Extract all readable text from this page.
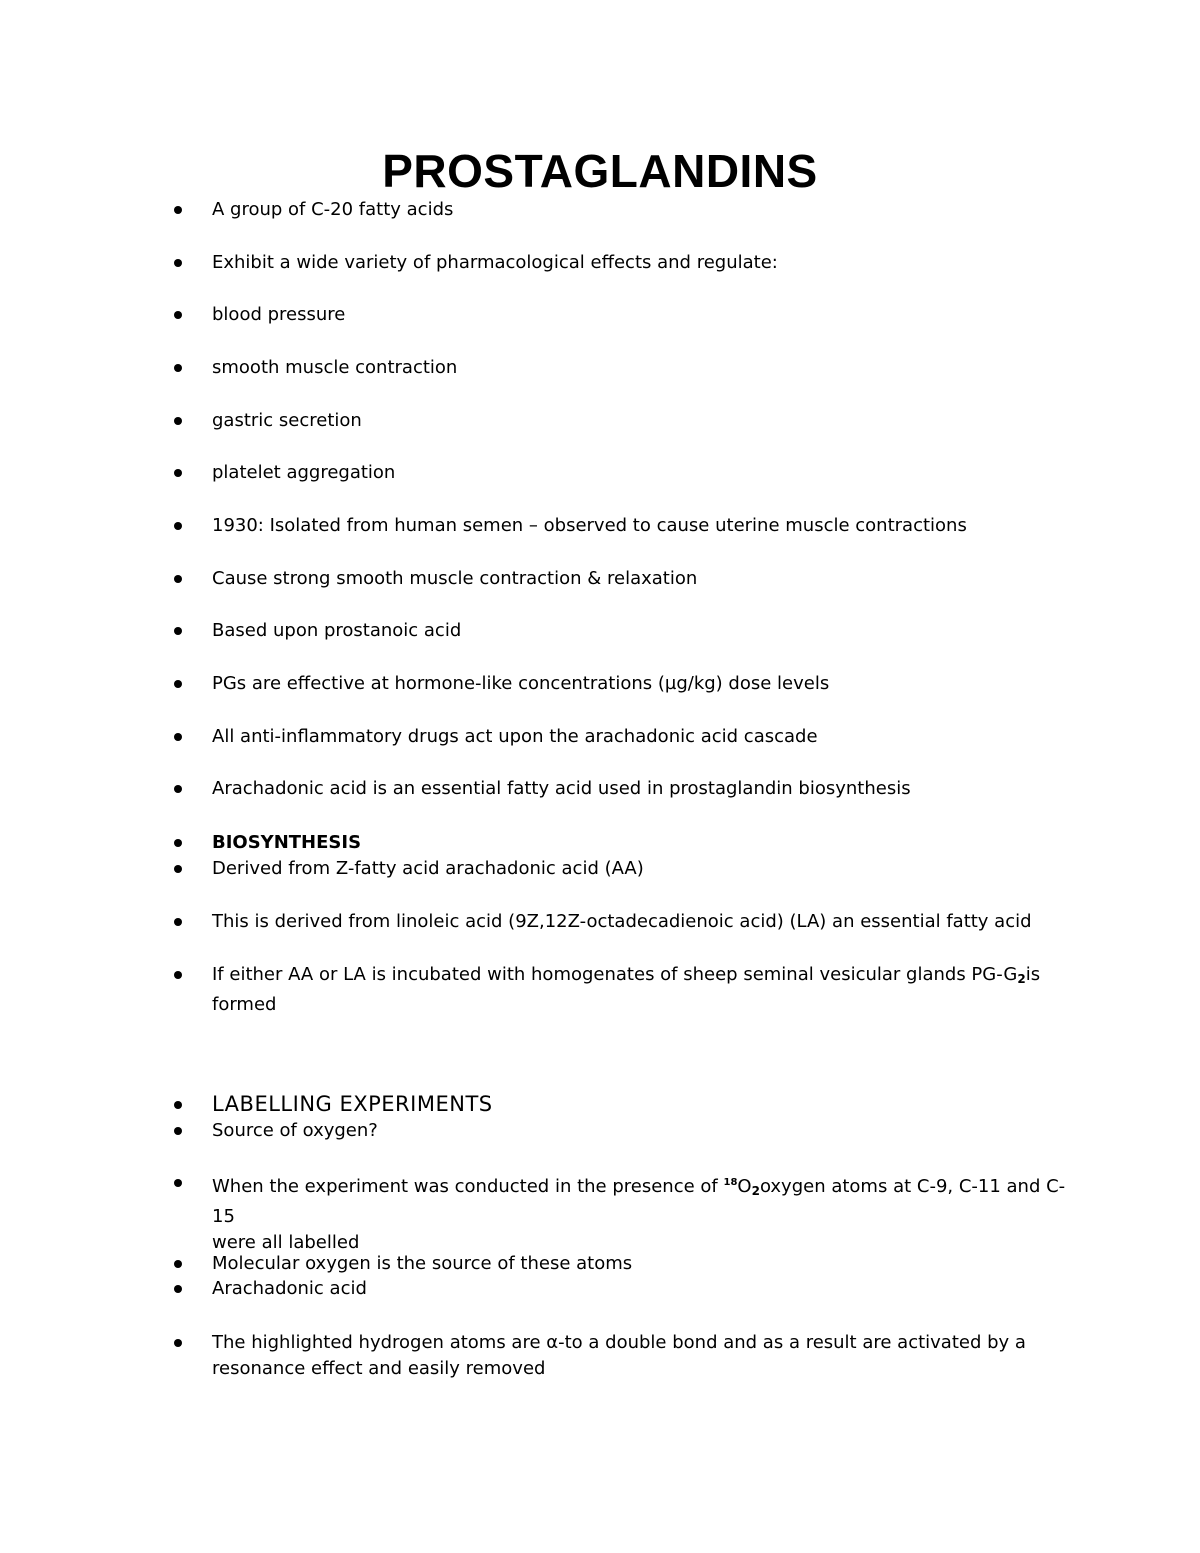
PROSTAGLANDINS
A group of C-20 fatty acids
Exhibit a wide variety of pharmacological effects and regulate:
blood pressure
smooth muscle contraction
gastric secretion
platelet aggregation
1930: Isolated from human semen – observed to cause uterine muscle contractions
Cause strong smooth muscle contraction & relaxation
Based upon prostanoic acid
PGs are effective at hormone-like concentrations (µg/kg) dose levels
All anti-inflammatory drugs act upon the arachadonic acid cascade
Arachadonic acid is an essential fatty acid used in prostaglandin biosynthesis
BIOSYNTHESIS
Derived from Z-fatty acid arachadonic acid (AA)
This is derived from linoleic acid (9Z,12Z-octadecadienoic acid) (LA) an essential fatty acid
If either AA or LA is incubated with homogenates of sheep seminal vesicular glands $PG-G_2is$
formed
LABELLING EXPERIMENTS
Source of oxygen?
When the experiment was conducted in the presence of $^{18}O_2oxygen$ atoms at C-9, C-11 and C-15
were all labelled
Molecular oxygen is the source of these atoms
Arachadonic acid
The highlighted hydrogen atoms are α-to a double bond and as a result are activated by a
resonance effect and easily removed
